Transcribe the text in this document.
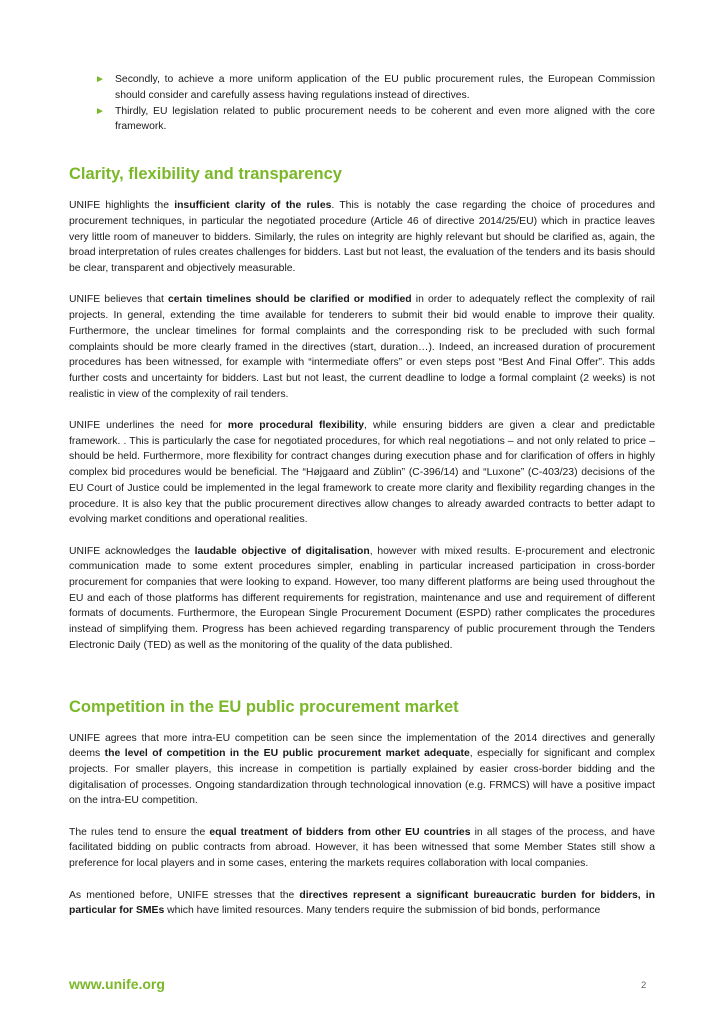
► Secondly, to achieve a more uniform application of the EU public procurement rules, the European Commission should consider and carefully assess having regulations instead of directives.
► Thirdly, EU legislation related to public procurement needs to be coherent and even more aligned with the core framework.
Clarity, flexibility and transparency

UNIFE highlights the insufficient clarity of the rules. This is notably the case regarding the choice of procedures and procurement techniques, in particular the negotiated procedure (Article 46 of directive 2014/25/EU) which in practice leaves very little room of maneuver to bidders. Similarly, the rules on integrity are highly relevant but should be clarified as, again, the broad interpretation of rules creates challenges for bidders. Last but not least, the evaluation of the tenders and its basis should be clear, transparent and objectively measurable.

UNIFE believes that certain timelines should be clarified or modified in order to adequately reflect the complexity of rail projects. In general, extending the time available for tenderers to submit their bid would enable to improve their quality. Furthermore, the unclear timelines for formal complaints and the corresponding risk to be precluded with such formal complaints should be more clearly framed in the directives (start, duration…). Indeed, an increased duration of procurement procedures has been witnessed, for example with “intermediate offers” or even steps post “Best And Final Offer”. This adds further costs and uncertainty for bidders. Last but not least, the current deadline to lodge a formal complaint (2 weeks) is not realistic in view of the complexity of rail tenders.

UNIFE underlines the need for more procedural flexibility, while ensuring bidders are given a clear and predictable framework. . This is particularly the case for negotiated procedures, for which real negotiations – and not only related to price – should be held. Furthermore, more flexibility for contract changes during execution phase and for clarification of offers in highly complex bid procedures would be beneficial. The “Højgaard and Züblin” (C-396/14) and “Luxone” (C-403/23) decisions of the EU Court of Justice could be implemented in the legal framework to create more clarity and flexibility regarding changes in the procedure. It is also key that the public procurement directives allow changes to already awarded contracts to better adapt to evolving market conditions and operational realities.

UNIFE acknowledges the laudable objective of digitalisation, however with mixed results. E-procurement and electronic communication made to some extent procedures simpler, enabling in particular increased participation in cross-border procurement for companies that were looking to expand. However, too many different platforms are being used throughout the EU and each of those platforms has different requirements for registration, maintenance and use and requirement of different formats of documents. Furthermore, the European Single Procurement Document (ESPD) rather complicates the procedures instead of simplifying them. Progress has been achieved regarding transparency of public procurement through the Tenders Electronic Daily (TED) as well as the monitoring of the quality of the data published.

Competition in the EU public procurement market

UNIFE agrees that more intra-EU competition can be seen since the implementation of the 2014 directives and generally deems the level of competition in the EU public procurement market adequate, especially for significant and complex projects. For smaller players, this increase in competition is partially explained by easier cross-border bidding and the digitalisation of processes. Ongoing standardization through technological innovation (e.g. FRMCS) will have a positive impact on the intra-EU competition.

The rules tend to ensure the equal treatment of bidders from other EU countries in all stages of the process, and have facilitated bidding on public contracts from abroad. However, it has been witnessed that some Member States still show a preference for local players and in some cases, entering the markets requires collaboration with local companies.

As mentioned before, UNIFE stresses that the directives represent a significant bureaucratic burden for bidders, in particular for SMEs which have limited resources. Many tenders require the submission of bid bonds, performance

www.unife.org	2
